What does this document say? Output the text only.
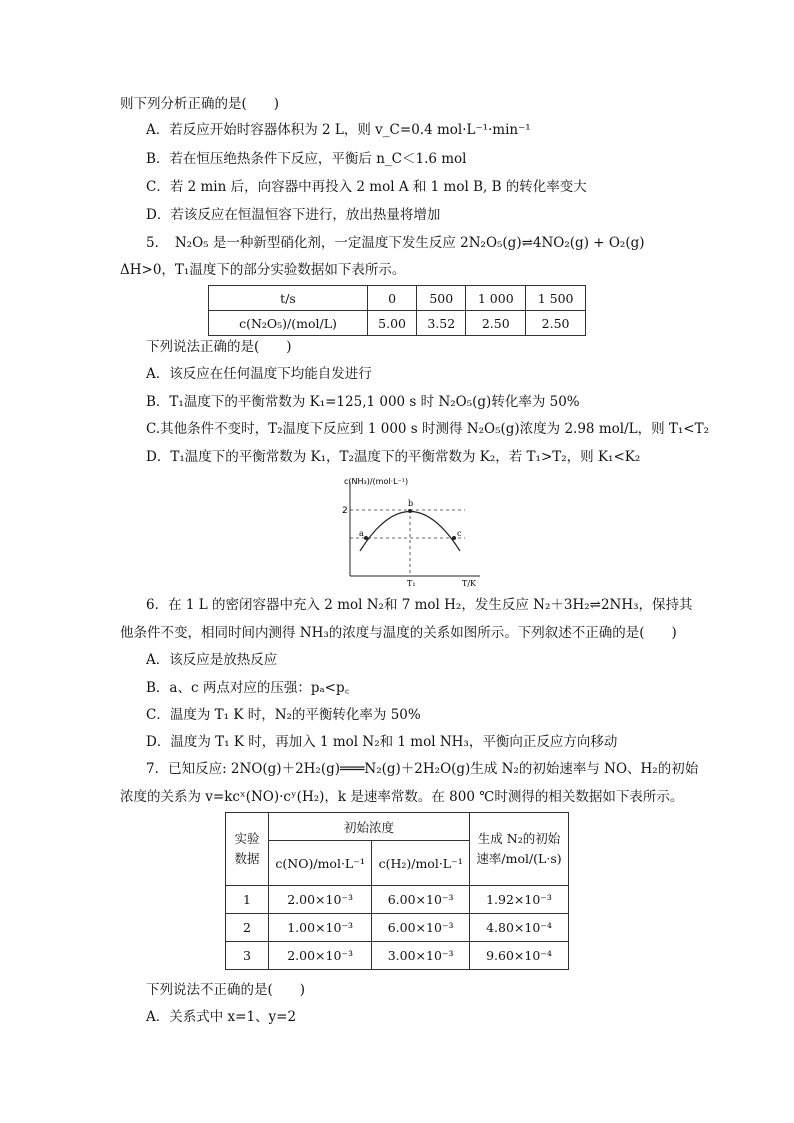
则下列分析正确的是(　　)
A．若反应开始时容器体积为 2 L，则 v_C=0.4 mol·L⁻¹·min⁻¹
B．若在恒压绝热条件下反应，平衡后 n_C＜1.6 mol
C．若 2 min 后，向容器中再投入 2 mol A 和 1 mol B, B 的转化率变大
D．若该反应在恒温恒容下进行，放出热量将增加
5．　N₂O₅ 是一种新型硝化剂，一定温度下发生反应 2N₂O₅(g)⇌4NO₂(g) + O₂(g)
ΔH>0，T₁温度下的部分实验数据如下表所示。
t/s	0	500	1 000	1 500
c(N₂O₅)/(mol/L)	5.00	3.52	2.50	2.50
下列说法正确的是(　　)
A．该反应在任何温度下均能自发进行
B．T₁温度下的平衡常数为 K₁=125,1 000 s 时 N₂O₅(g)转化率为 50%
C.其他条件不变时，T₂温度下反应到 1 000 s 时测得 N₂O₅(g)浓度为 2.98 mol/L，则 T₁<T₂
D．T₁温度下的平衡常数为 K₁，T₂温度下的平衡常数为 K₂，若 T₁>T₂，则 K₁<K₂
c(NH₃)/(mol·L⁻¹)
2
T₁	T/K
a
b
c
6．在 1 L 的密闭容器中充入 2 mol N₂和 7 mol H₂，发生反应 N₂＋3H₂⇌2NH₃，保持其
他条件不变，相同时间内测得 NH₃的浓度与温度的关系如图所示。下列叙述不正确的是(　　)
A．该反应是放热反应
B．a、c 两点对应的压强：pₐ<p꜀
C．温度为 T₁ K 时，N₂的平衡转化率为 50%
D．温度为 T₁ K 时，再加入 1 mol N₂和 1 mol NH₃，平衡向正反应方向移动
7．已知反应: 2NO(g)＋2H₂(g)═══N₂(g)＋2H₂O(g)生成 N₂的初始速率与 NO、H₂的初始
浓度的关系为 v=kcˣ(NO)·cʸ(H₂)，k 是速率常数。在 800 ℃时测得的相关数据如下表所示。
实验数据	初始浓度		生成 N₂的初始速率/mol/(L·s)
	c(NO)/mol·L⁻¹	c(H₂)/mol·L⁻¹	
1	2.00×10⁻³	6.00×10⁻³	1.92×10⁻³
2	1.00×10⁻³	6.00×10⁻³	4.80×10⁻⁴
3	2.00×10⁻³	3.00×10⁻³	9.60×10⁻⁴
下列说法不正确的是(　　)
A．关系式中 x=1、y=2
